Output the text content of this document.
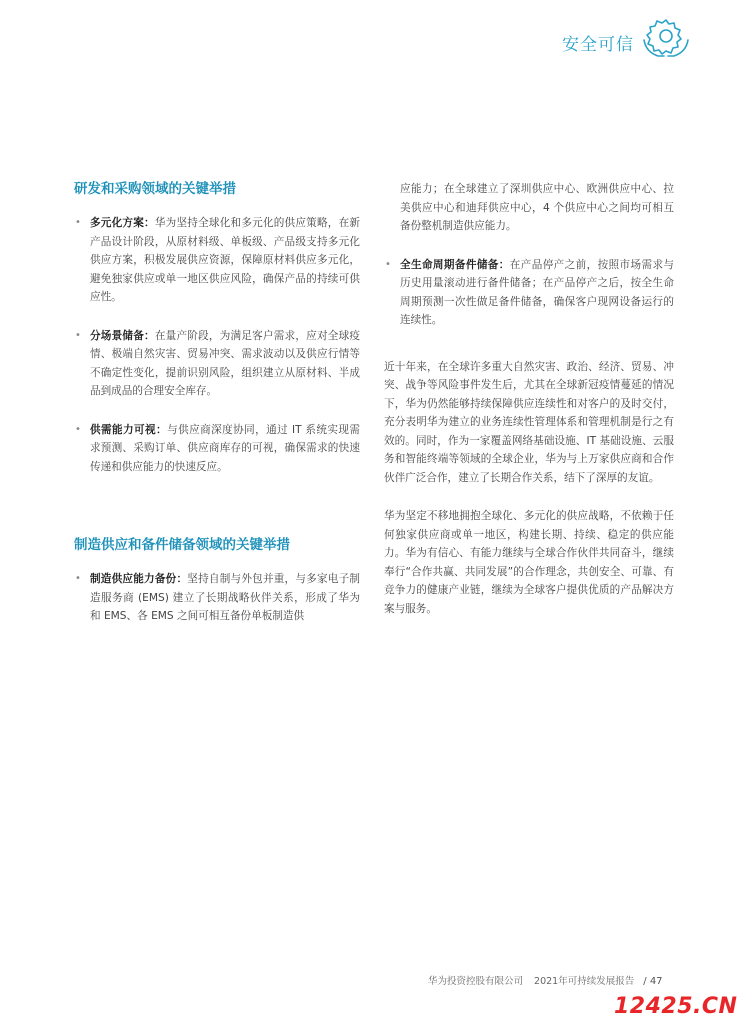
安全可信
研发和采购领域的关键举措
• 多元化方案：华为坚持全球化和多元化的供应策略，在新产品设计阶段，从原材料级、单板级、产品级支持多元化供应方案，积极发展供应资源，保障原材料供应多元化，避免独家供应或单一地区供应风险，确保产品的持续可供应性。
• 分场景储备：在量产阶段，为满足客户需求，应对全球疫情、极端自然灾害、贸易冲突、需求波动以及供应行情等不确定性变化，提前识别风险，组织建立从原材料、半成品到成品的合理安全库存。
• 供需能力可视：与供应商深度协同，通过 IT 系统实现需求预测、采购订单、供应商库存的可视，确保需求的快速传递和供应能力的快速反应。
制造供应和备件储备领域的关键举措
• 制造供应能力备份：坚持自制与外包并重，与多家电子制造服务商 (EMS) 建立了长期战略伙伴关系，形成了华为和 EMS、各 EMS 之间可相互备份单板制造供
应能力；在全球建立了深圳供应中心、欧洲供应中心、拉美供应中心和迪拜供应中心，4 个供应中心之间均可相互备份整机制造供应能力。
• 全生命周期备件储备：在产品停产之前，按照市场需求与历史用量滚动进行备件储备；在产品停产之后，按全生命周期预测一次性做足备件储备，确保客户现网设备运行的连续性。

近十年来，在全球许多重大自然灾害、政治、经济、贸易、冲突、战争等风险事件发生后，尤其在全球新冠疫情蔓延的情况下，华为仍然能够持续保障供应连续性和对客户的及时交付，充分表明华为建立的业务连续性管理体系和管理机制是行之有效的。同时，作为一家覆盖网络基础设施、IT 基础设施、云服务和智能终端等领域的全球企业，华为与上万家供应商和合作伙伴广泛合作，建立了长期合作关系，结下了深厚的友谊。

华为坚定不移地拥抱全球化、多元化的供应战略，不依赖于任何独家供应商或单一地区，构建长期、持续、稳定的供应能力。华为有信心、有能力继续与全球合作伙伴共同奋斗，继续奉行“合作共赢、共同发展”的合作理念，共创安全、可靠、有竞争力的健康产业链，继续为全球客户提供优质的产品解决方案与服务。

华为投资控股有限公司 2021年可持续发展报告 / 47
12425.CN
